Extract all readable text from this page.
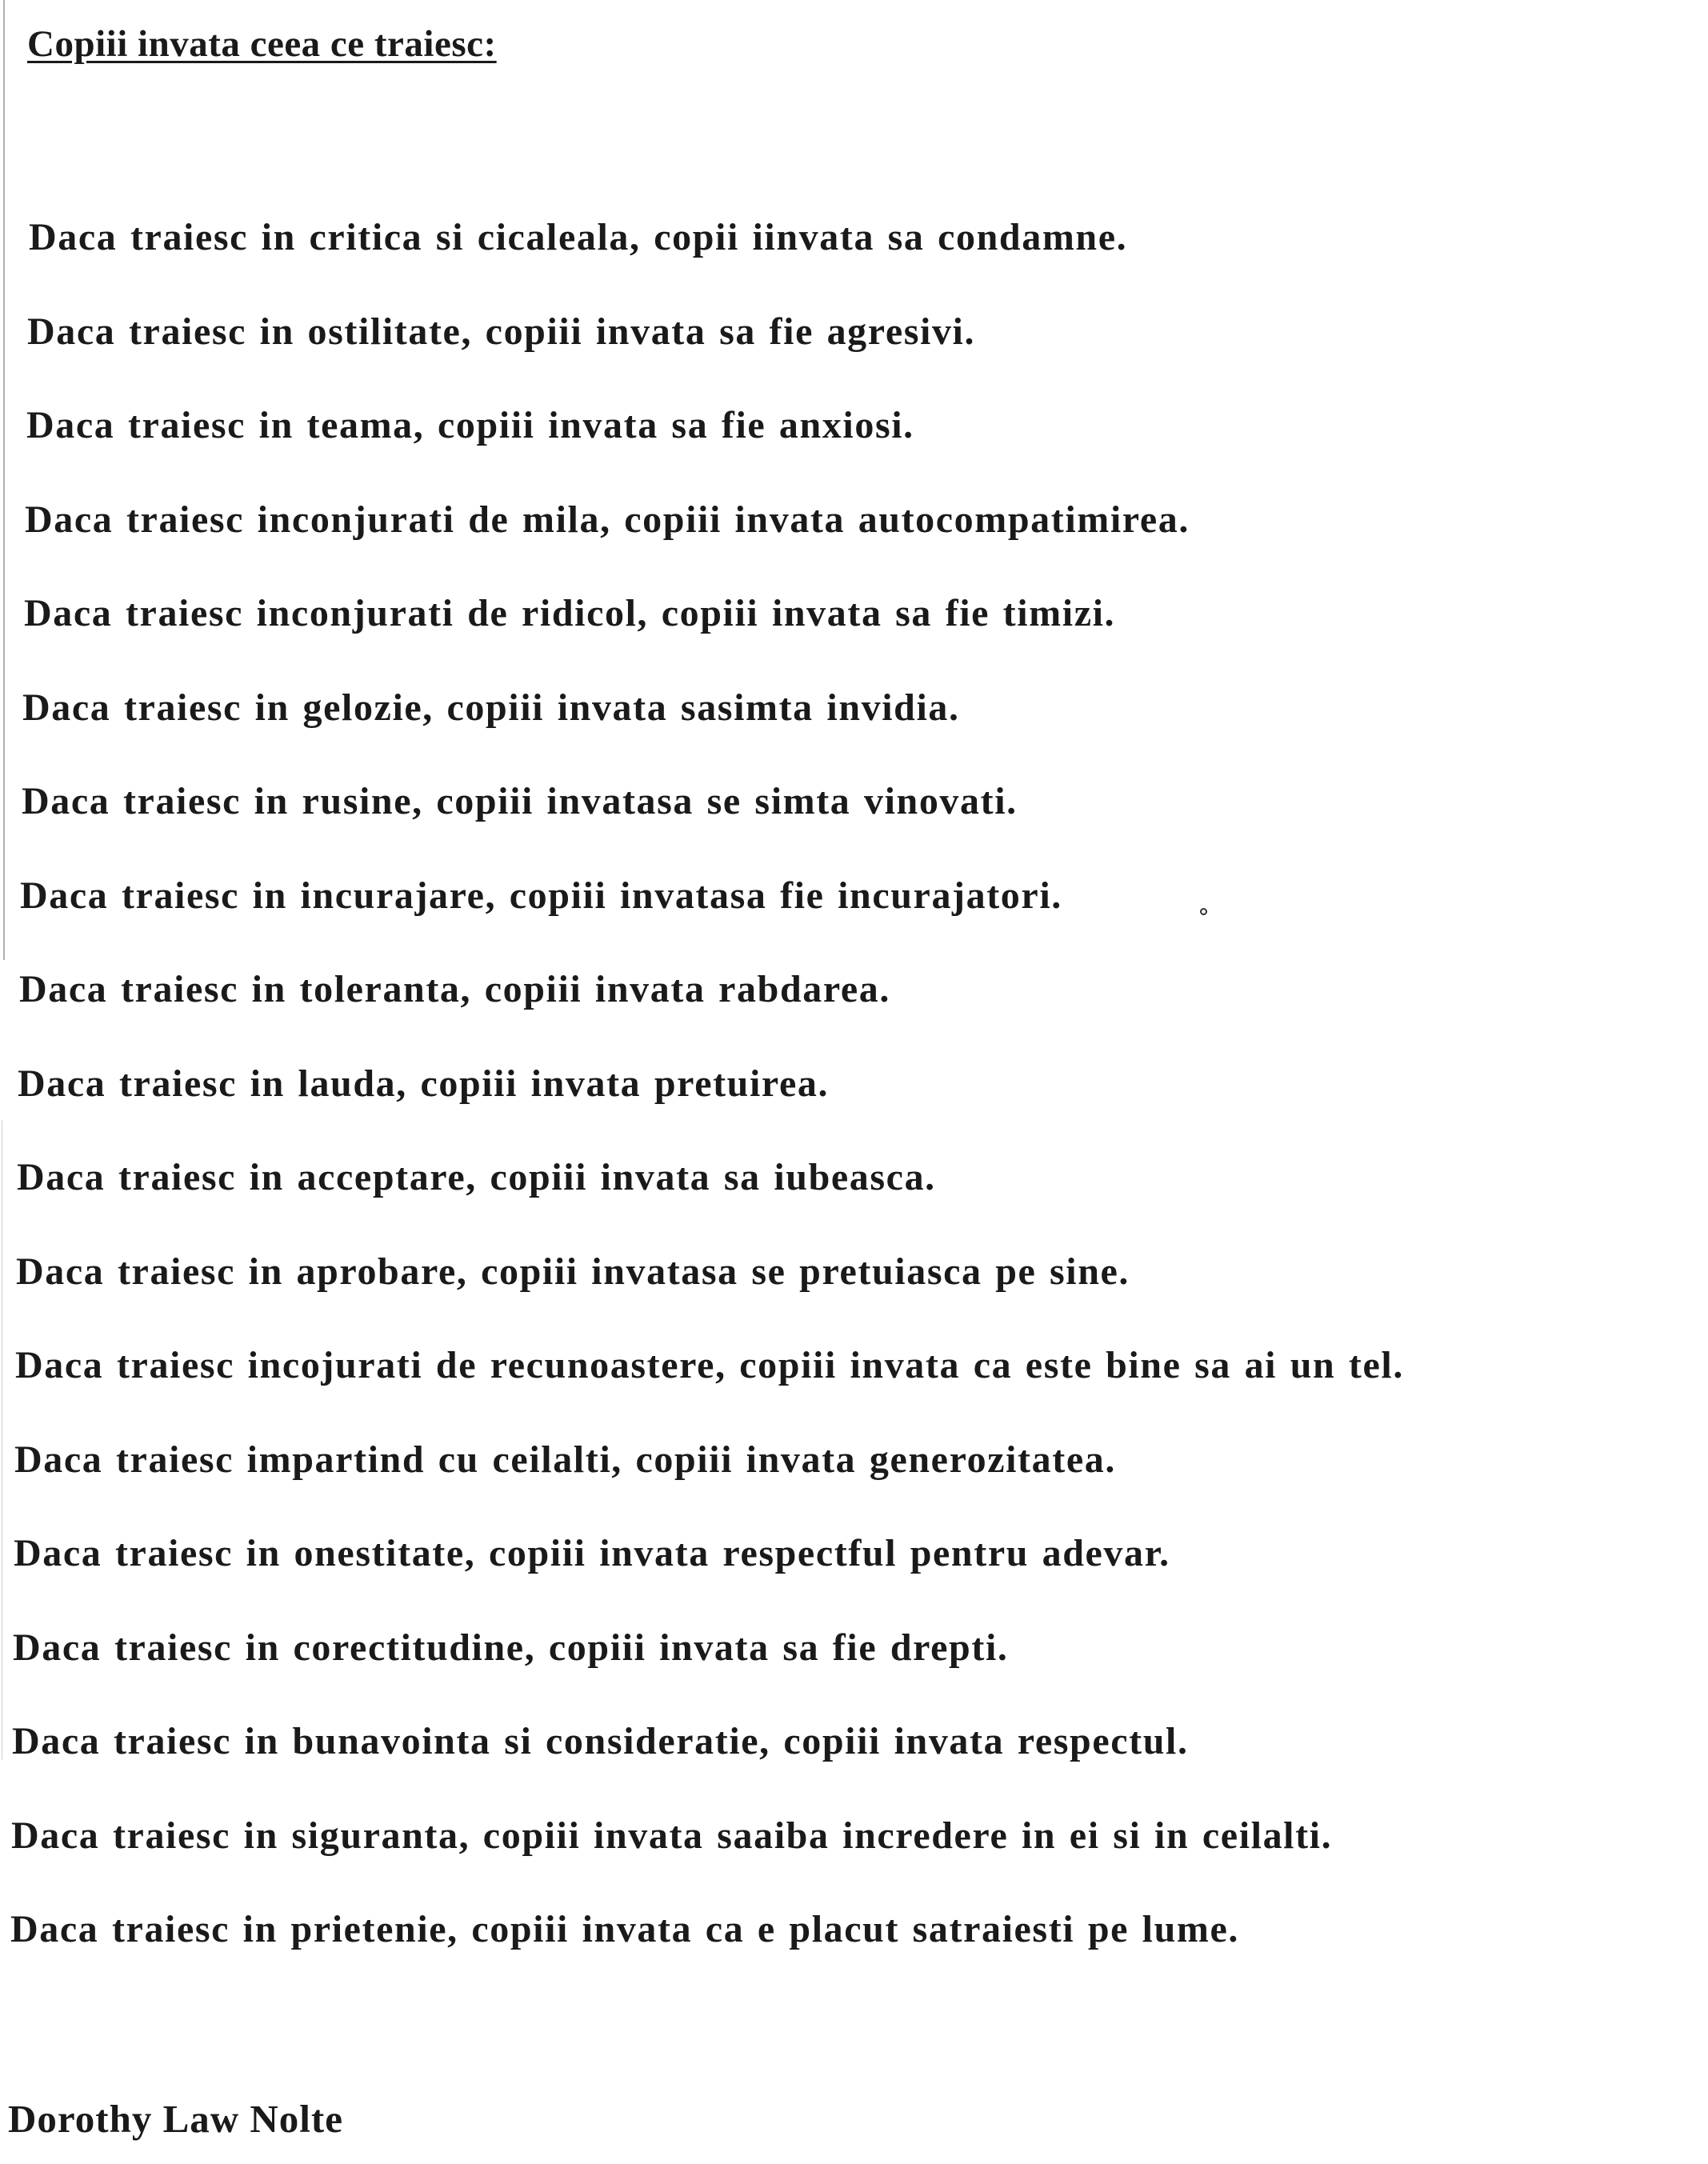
Copiii invata ceea ce traiesc:
Daca traiesc in critica si cicaleala, copii iinvata sa condamne.
Daca traiesc in ostilitate, copiii invata sa fie agresivi.
Daca traiesc in teama, copiii invata sa fie anxiosi.
Daca traiesc inconjurati de mila, copiii invata autocompatimirea.
Daca traiesc inconjurati de ridicol, copiii invata sa fie timizi.
Daca traiesc in gelozie, copiii invata sasimta invidia.
Daca traiesc in rusine, copiii invatasa se simta vinovati.
Daca traiesc in incurajare, copiii invatasa fie incurajatori.
Daca traiesc in toleranta, copiii invata rabdarea.
Daca traiesc in lauda, copiii invata pretuirea.
Daca traiesc in acceptare, copiii invata sa iubeasca.
Daca traiesc in aprobare, copiii invatasa se pretuiasca pe sine.
Daca traiesc incojurati de recunoastere, copiii invata ca este bine sa ai un tel.
Daca traiesc impartind cu ceilalti, copiii invata generozitatea.
Daca traiesc in onestitate, copiii invata respectful pentru adevar.
Daca traiesc in corectitudine, copiii invata sa fie drepti.
Daca traiesc in bunavointa si consideratie, copiii invata respectul.
Daca traiesc in siguranta, copiii invata saaiba incredere in ei si in ceilalti.
Daca traiesc in prietenie, copiii invata ca e placut satraiesti pe lume.

Dorothy Law Nolte
